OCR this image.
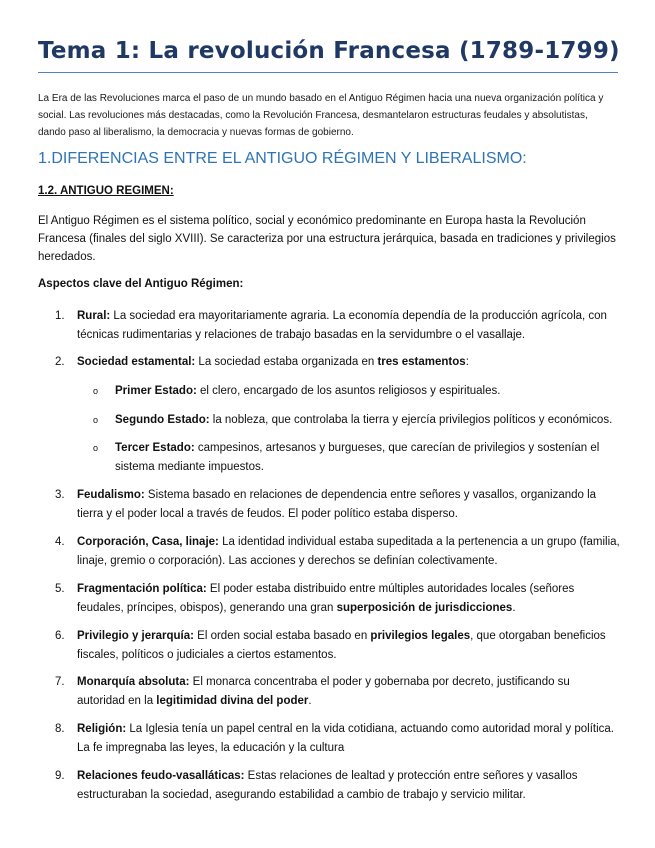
Tema 1: La revolución Francesa (1789-1799)
La Era de las Revoluciones marca el paso de un mundo basado en el Antiguo Régimen hacia una nueva organización política y social. Las revoluciones más destacadas, como la Revolución Francesa, desmantelaron estructuras feudales y absolutistas, dando paso al liberalismo, la democracia y nuevas formas de gobierno.
1.DIFERENCIAS ENTRE EL ANTIGUO RÉGIMEN Y LIBERALISMO:
1.2. ANTIGUO REGIMEN:
El Antiguo Régimen es el sistema político, social y económico predominante en Europa hasta la Revolución Francesa (finales del siglo XVIII). Se caracteriza por una estructura jerárquica, basada en tradiciones y privilegios heredados.
Aspectos clave del Antiguo Régimen:
1. Rural: La sociedad era mayoritariamente agraria. La economía dependía de la producción agrícola, con técnicas rudimentarias y relaciones de trabajo basadas en la servidumbre o el vasallaje.
2. Sociedad estamental: La sociedad estaba organizada en tres estamentos:
o Primer Estado: el clero, encargado de los asuntos religiosos y espirituales.
o Segundo Estado: la nobleza, que controlaba la tierra y ejercía privilegios políticos y económicos.
o Tercer Estado: campesinos, artesanos y burgueses, que carecían de privilegios y sostenían el sistema mediante impuestos.
3. Feudalismo: Sistema basado en relaciones de dependencia entre señores y vasallos, organizando la tierra y el poder local a través de feudos. El poder político estaba disperso.
4. Corporación, Casa, linaje: La identidad individual estaba supeditada a la pertenencia a un grupo (familia, linaje, gremio o corporación). Las acciones y derechos se definían colectivamente.
5. Fragmentación política: El poder estaba distribuido entre múltiples autoridades locales (señores feudales, príncipes, obispos), generando una gran superposición de jurisdicciones.
6. Privilegio y jerarquía: El orden social estaba basado en privilegios legales, que otorgaban beneficios fiscales, políticos o judiciales a ciertos estamentos.
7. Monarquía absoluta: El monarca concentraba el poder y gobernaba por decreto, justificando su autoridad en la legitimidad divina del poder.
8. Religión: La Iglesia tenía un papel central en la vida cotidiana, actuando como autoridad moral y política. La fe impregnaba las leyes, la educación y la cultura
9. Relaciones feudo-vasalláticas: Estas relaciones de lealtad y protección entre señores y vasallos estructuraban la sociedad, asegurando estabilidad a cambio de trabajo y servicio militar.
